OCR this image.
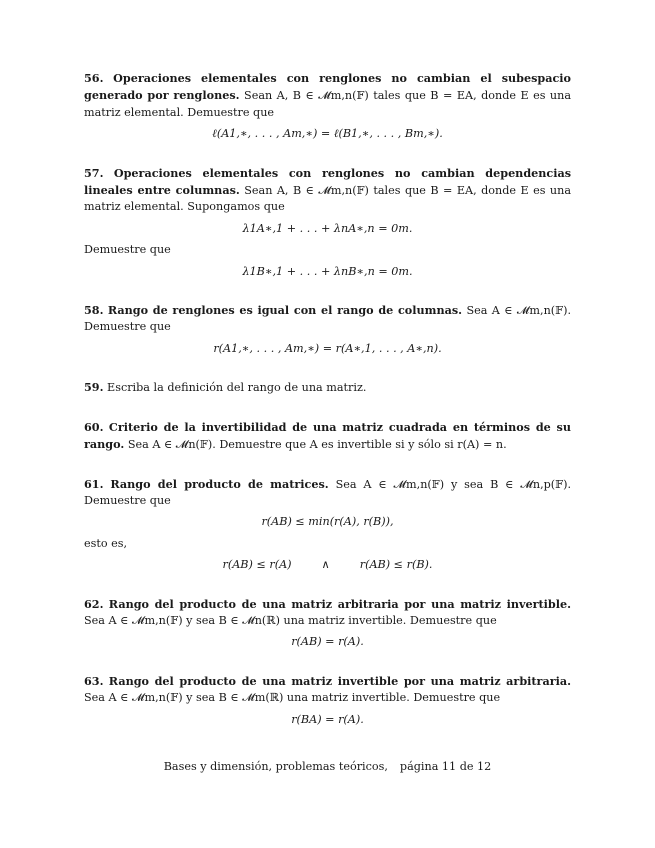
56. Operaciones elementales con renglones no cambian el subespacio generado por renglones. Sean A, B ∈ 𝓜m,n(𝔽) tales que B = EA, donde E es una matriz elemental. Demuestre que

ℓ(A1,∗, . . . , Am,∗) = ℓ(B1,∗, . . . , Bm,∗).

57. Operaciones elementales con renglones no cambian dependencias lineales entre columnas. Sean A, B ∈ 𝓜m,n(𝔽) tales que B = EA, donde E es una matriz elemental. Supongamos que

λ1A∗,1 + . . . + λnA∗,n = 0m.

Demuestre que

λ1B∗,1 + . . . + λnB∗,n = 0m.

58. Rango de renglones es igual con el rango de columnas. Sea A ∈ 𝓜m,n(𝔽). Demuestre que

r(A1,∗, . . . , Am,∗) = r(A∗,1, . . . , A∗,n).

59. Escriba la definición del rango de una matriz.

60. Criterio de la invertibilidad de una matriz cuadrada en términos de su rango. Sea A ∈ 𝓜n(𝔽). Demuestre que A es invertible si y sólo si r(A) = n.

61. Rango del producto de matrices. Sea A ∈ 𝓜m,n(𝔽) y sea B ∈ 𝓜n,p(𝔽). Demuestre que

r(AB) ≤ min(r(A), r(B)),

esto es,

r(AB) ≤ r(A)	∧	r(AB) ≤ r(B).

62. Rango del producto de una matriz arbitraria por una matriz invertible. Sea A ∈ 𝓜m,n(𝔽) y sea B ∈ 𝓜n(ℝ) una matriz invertible. Demuestre que

r(AB) = r(A).

63. Rango del producto de una matriz invertible por una matriz arbitraria. Sea A ∈ 𝓜m,n(𝔽) y sea B ∈ 𝓜m(ℝ) una matriz invertible. Demuestre que

r(BA) = r(A).
Bases y dimensión, problemas teóricos, página 11 de 12
